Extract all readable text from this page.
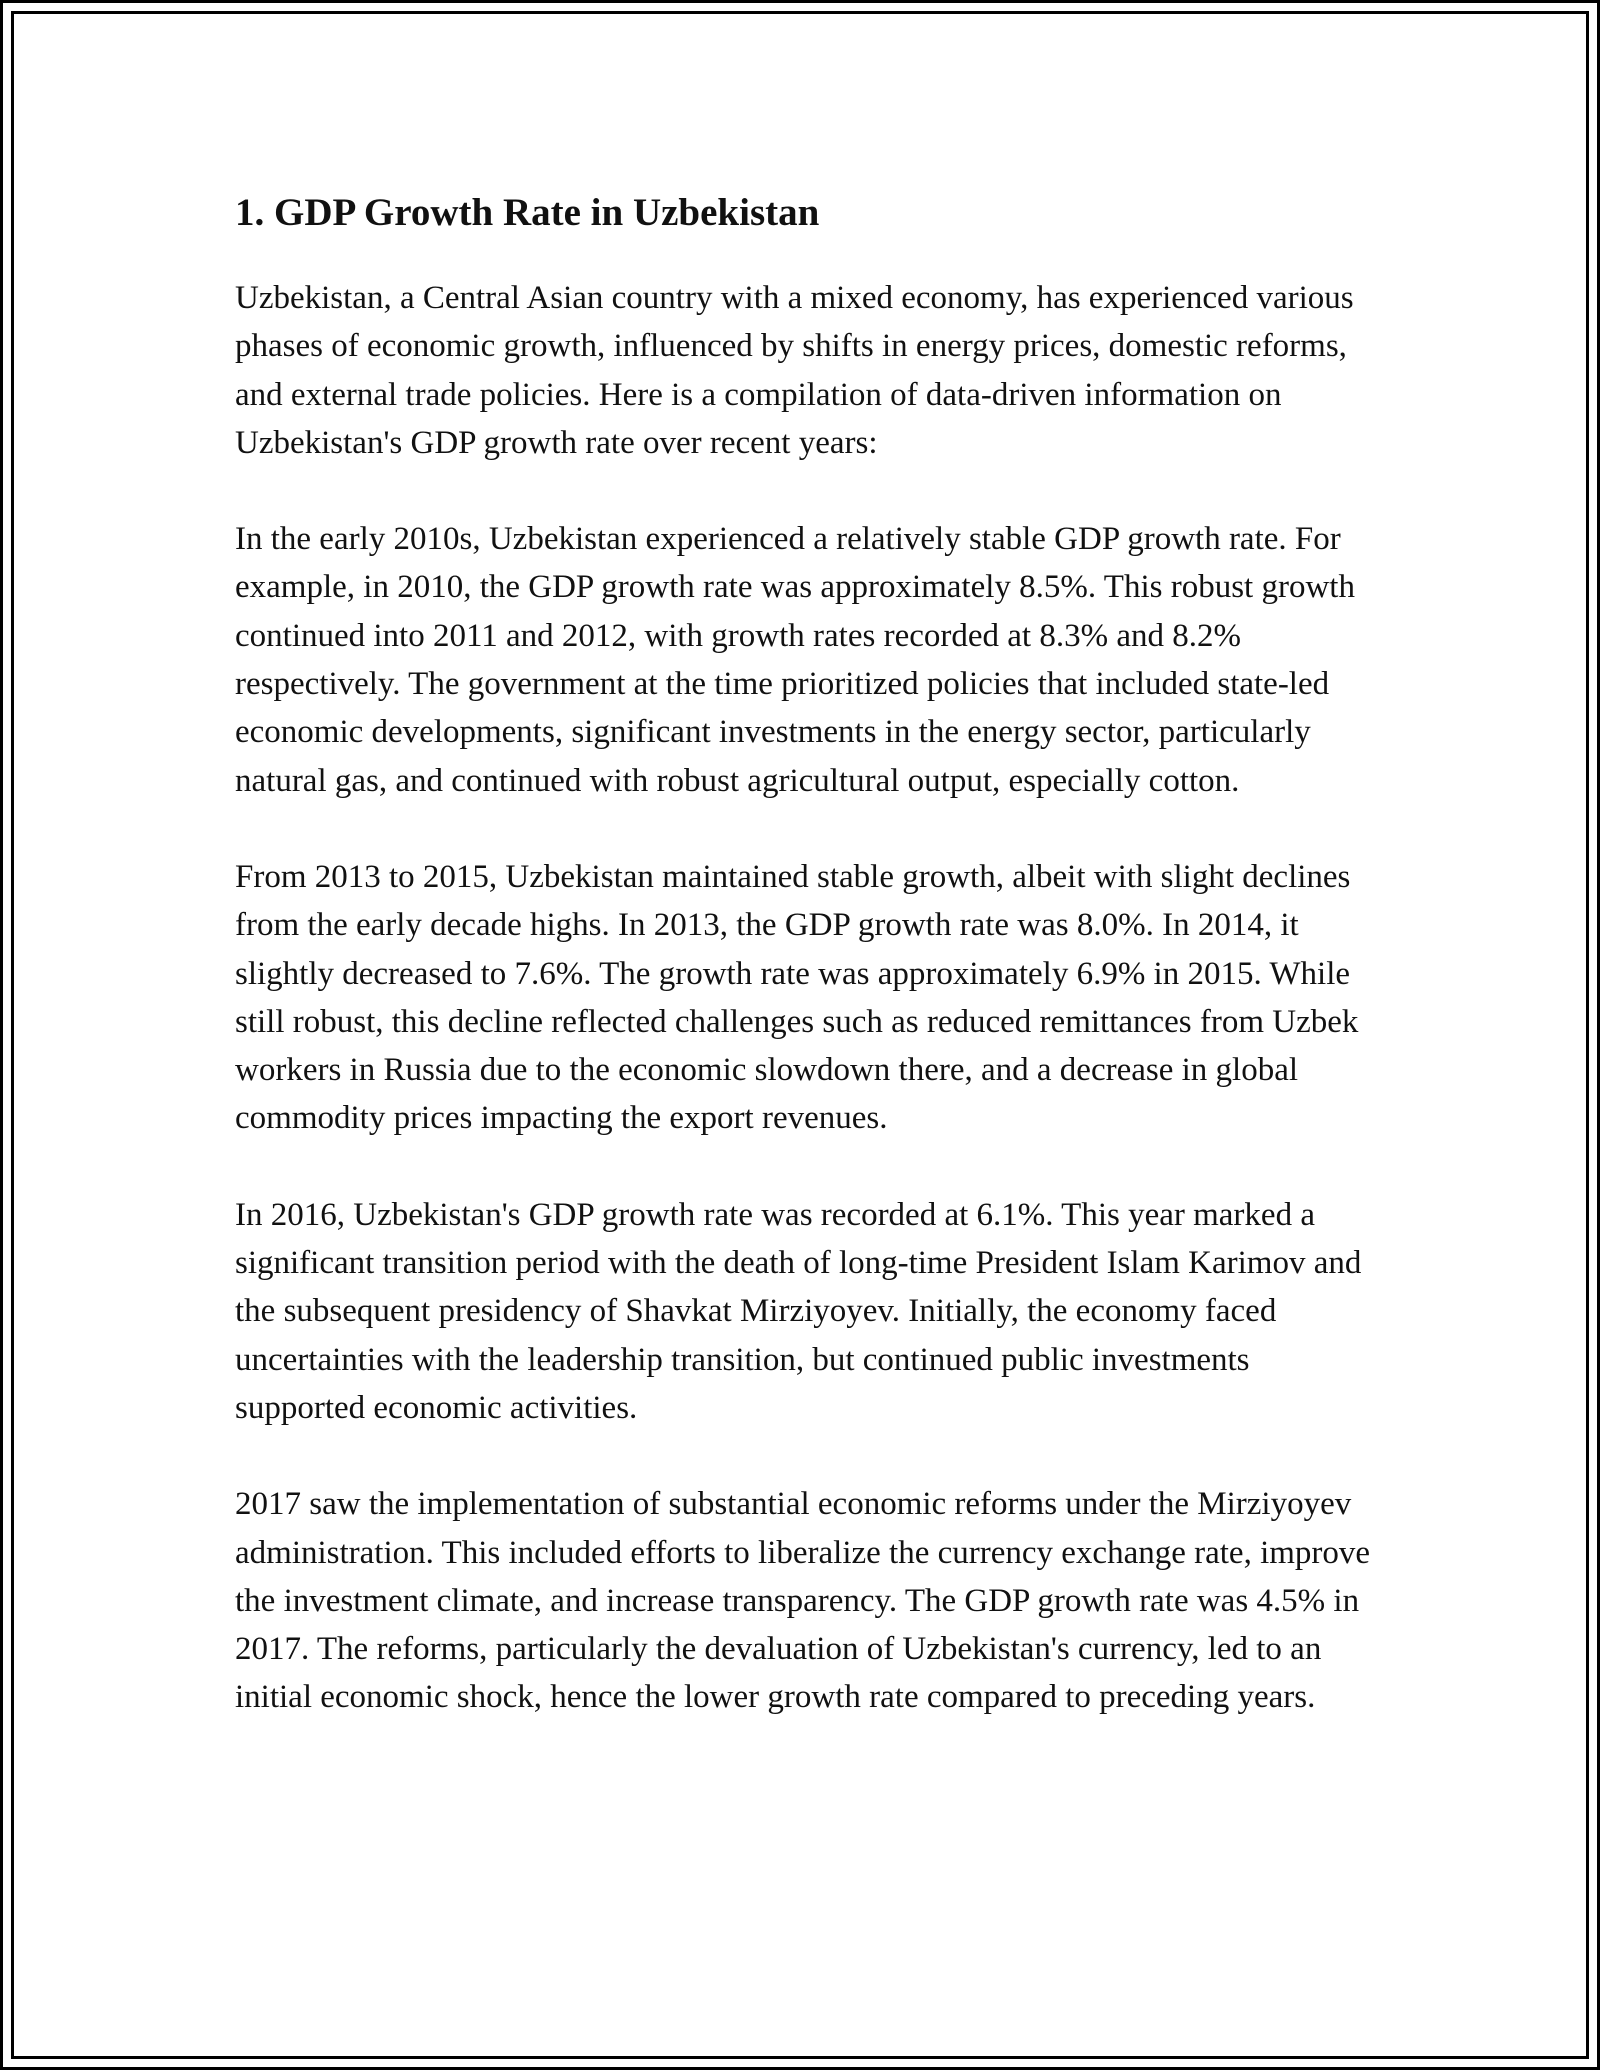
1. GDP Growth Rate in Uzbekistan

Uzbekistan, a Central Asian country with a mixed economy, has experienced various phases of economic growth, influenced by shifts in energy prices, domestic reforms, and external trade policies. Here is a compilation of data-driven information on Uzbekistan's GDP growth rate over recent years:

In the early 2010s, Uzbekistan experienced a relatively stable GDP growth rate. For example, in 2010, the GDP growth rate was approximately 8.5%. This robust growth continued into 2011 and 2012, with growth rates recorded at 8.3% and 8.2% respectively. The government at the time prioritized policies that included state-led economic developments, significant investments in the energy sector, particularly natural gas, and continued with robust agricultural output, especially cotton.

From 2013 to 2015, Uzbekistan maintained stable growth, albeit with slight declines from the early decade highs. In 2013, the GDP growth rate was 8.0%. In 2014, it slightly decreased to 7.6%. The growth rate was approximately 6.9% in 2015. While still robust, this decline reflected challenges such as reduced remittances from Uzbek workers in Russia due to the economic slowdown there, and a decrease in global commodity prices impacting the export revenues.

In 2016, Uzbekistan's GDP growth rate was recorded at 6.1%. This year marked a significant transition period with the death of long-time President Islam Karimov and the subsequent presidency of Shavkat Mirziyoyev. Initially, the economy faced uncertainties with the leadership transition, but continued public investments supported economic activities.

2017 saw the implementation of substantial economic reforms under the Mirziyoyev administration. This included efforts to liberalize the currency exchange rate, improve the investment climate, and increase transparency. The GDP growth rate was 4.5% in 2017. The reforms, particularly the devaluation of Uzbekistan's currency, led to an initial economic shock, hence the lower growth rate compared to preceding years.
